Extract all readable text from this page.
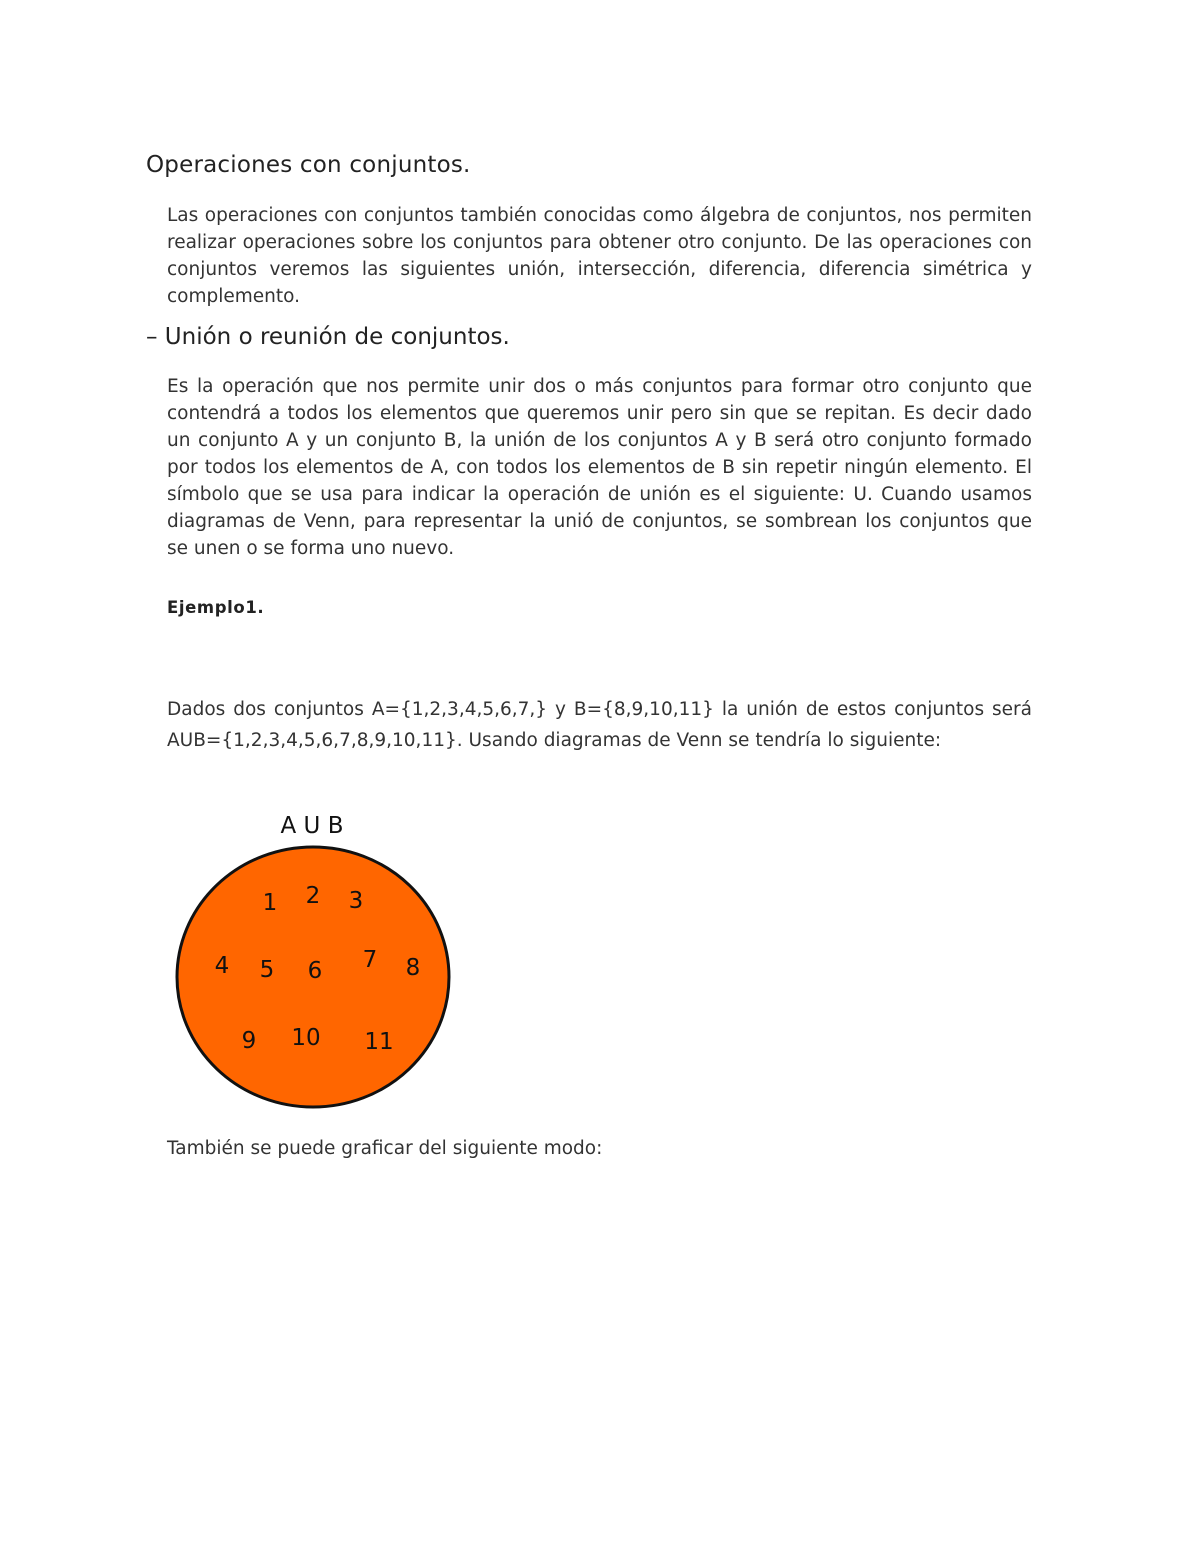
Operaciones con conjuntos.

Las operaciones con conjuntos también conocidas como álgebra de conjuntos, nos permiten realizar operaciones sobre los conjuntos para obtener otro conjunto. De las operaciones con conjuntos veremos las siguientes unión, intersección, diferencia, diferencia simétrica y complemento.

– Unión o reunión de conjuntos.

Es la operación que nos permite unir dos o más conjuntos para formar otro conjunto que contendrá a todos los elementos que queremos unir pero sin que se repitan. Es decir dado un conjunto A y un conjunto B, la unión de los conjuntos A y B será otro conjunto formado por todos los elementos de A, con todos los elementos de B sin repetir ningún elemento. El símbolo que se usa para indicar la operación de unión es el siguiente: U. Cuando usamos diagramas de Venn, para representar la unió de conjuntos, se sombrean los conjuntos que se unen o se forma uno nuevo.

Ejemplo1.

Dados dos conjuntos A={1,2,3,4,5,6,7,} y B={8,9,10,11} la unión de estos conjuntos será AUB={1,2,3,4,5,6,7,8,9,10,11}. Usando diagramas de Venn se tendría lo siguiente:

A U B
1 2 3
4 5 6 7 8
9 10 11

También se puede graficar del siguiente modo:
